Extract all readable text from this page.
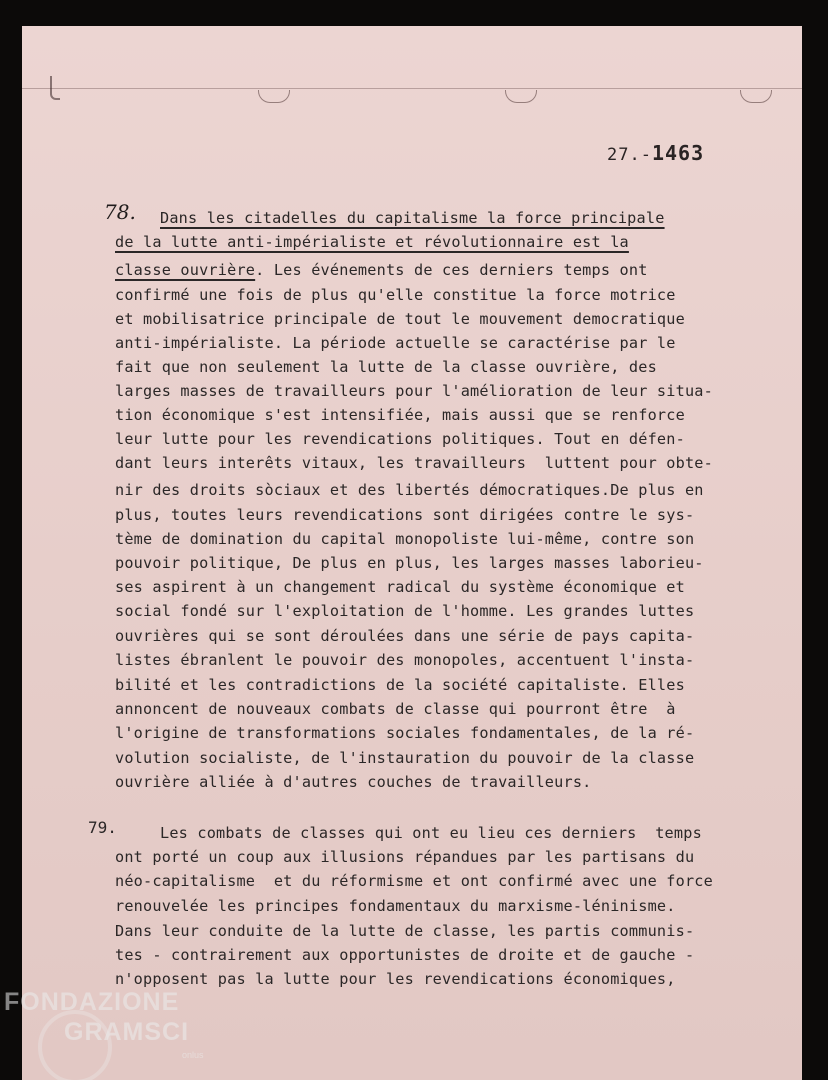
27.-1463
78. Dans les citadelles du capitalisme la force principale
de la lutte anti-impérialiste et révolutionnaire est la
classe ouvrière. Les événements de ces derniers temps ont
confirmé une fois de plus qu'elle constitue la force motrice
et mobilisatrice principale de tout le mouvement democratique
anti-impérialiste. La période actuelle se caractérise par le
fait que non seulement la lutte de la classe ouvrière, des
larges masses de travailleurs pour l'amélioration de leur situa-
tion économique s'est intensifiée, mais aussi que se renforce
leur lutte pour les revendications politiques. Tout en défen-
dant leurs interêts vitaux, les travailleurs  luttent pour obte-
nir des droits sòciaux et des libertés démocratiques.De plus en
plus, toutes leurs revendications sont dirigées contre le sys-
tème de domination du capital monopoliste lui-même, contre son
pouvoir politique, De plus en plus, les larges masses laborieu-
ses aspirent à un changement radical du système économique et
social fondé sur l'exploitation de l'homme. Les grandes luttes
ouvrières qui se sont déroulées dans une série de pays capita-
listes ébranlent le pouvoir des monopoles, accentuent l'insta-
bilité et les contradictions de la société capitaliste. Elles
annoncent de nouveaux combats de classe qui pourront être  à
l'origine de transformations sociales fondamentales, de la ré-
volution socialiste, de l'instauration du pouvoir de la classe
ouvrière alliée à d'autres couches de travailleurs.
79.	Les combats de classes qui ont eu lieu ces derniers  temps
ont porté un coup aux illusions répandues par les partisans du
néo-capitalisme  et du réformisme et ont confirmé avec une force
renouvelée les principes fondamentaux du marxisme-léninisme.
Dans leur conduite de la lutte de classe, les partis communis-
tes - contrairement aux opportunistes de droite et de gauche -
n'opposent pas la lutte pour les revendications économiques,
FONDAZIONE
GRAMSCI
onlus
